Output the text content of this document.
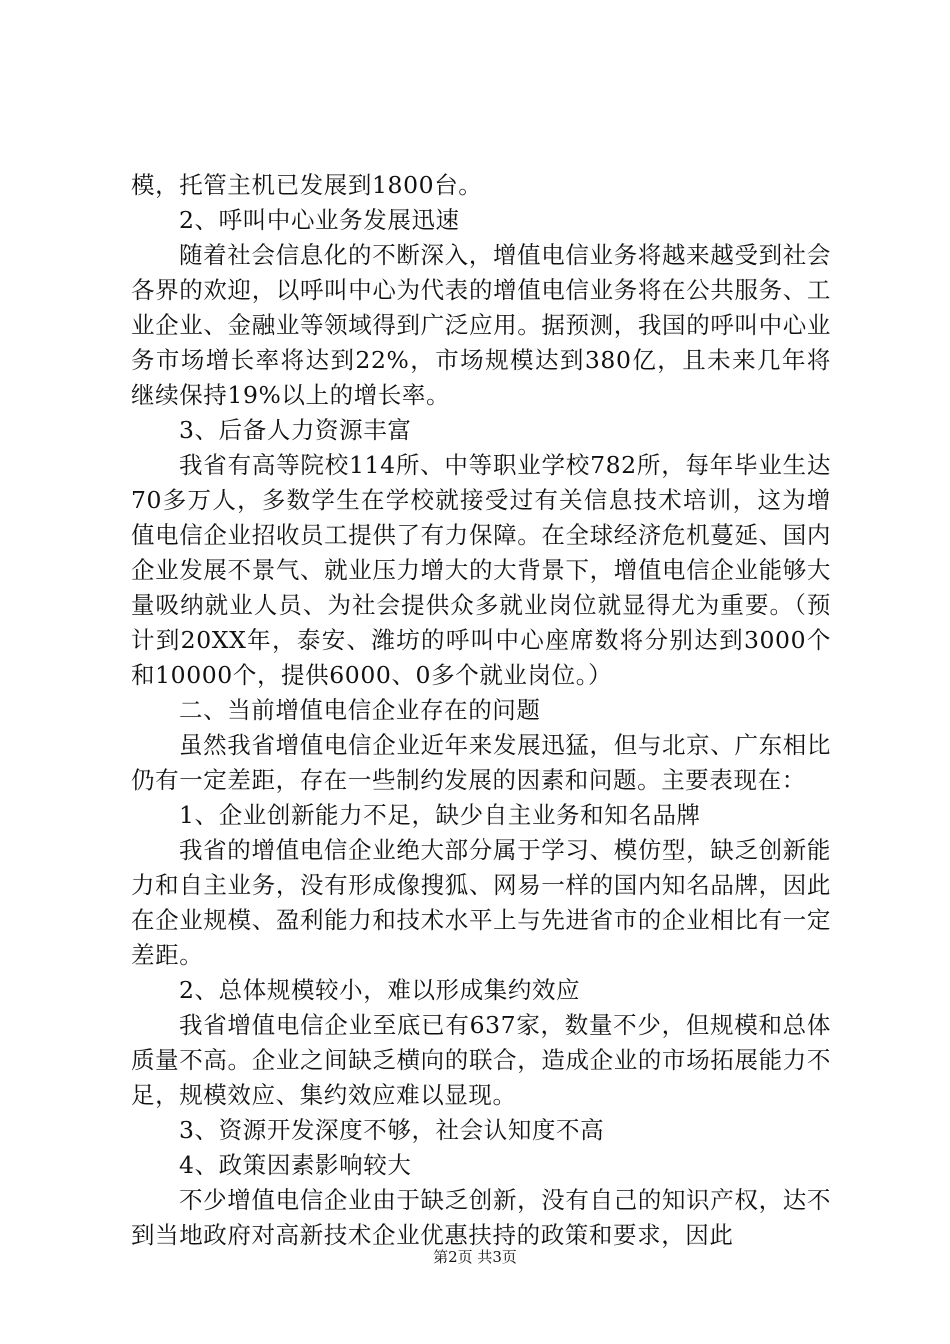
模，托管主机已发展到1800台。

2、呼叫中心业务发展迅速

随着社会信息化的不断深入，增值电信业务将越来越受到社会各界的欢迎，以呼叫中心为代表的增值电信业务将在公共服务、工业企业、金融业等领域得到广泛应用。据预测，我国的呼叫中心业务市场增长率将达到22%，市场规模达到380亿，且未来几年将继续保持19%以上的增长率。

3、后备人力资源丰富

我省有高等院校114所、中等职业学校782所，每年毕业生达70多万人，多数学生在学校就接受过有关信息技术培训，这为增值电信企业招收员工提供了有力保障。在全球经济危机蔓延、国内企业发展不景气、就业压力增大的大背景下，增值电信企业能够大量吸纳就业人员、为社会提供众多就业岗位就显得尤为重要。（预计到20XX年，泰安、潍坊的呼叫中心座席数将分别达到3000个和10000个，提供6000、0多个就业岗位。）

二、当前增值电信企业存在的问题

虽然我省增值电信企业近年来发展迅猛，但与北京、广东相比仍有一定差距，存在一些制约发展的因素和问题。主要表现在：

1、企业创新能力不足，缺少自主业务和知名品牌

我省的增值电信企业绝大部分属于学习、模仿型，缺乏创新能力和自主业务，没有形成像搜狐、网易一样的国内知名品牌，因此在企业规模、盈利能力和技术水平上与先进省市的企业相比有一定差距。

2、总体规模较小，难以形成集约效应

我省增值电信企业至底已有637家，数量不少，但规模和总体质量不高。企业之间缺乏横向的联合，造成企业的市场拓展能力不足，规模效应、集约效应难以显现。

3、资源开发深度不够，社会认知度不高

4、政策因素影响较大

不少增值电信企业由于缺乏创新，没有自己的知识产权，达不到当地政府对高新技术企业优惠扶持的政策和要求，因此

第2页 共3页
